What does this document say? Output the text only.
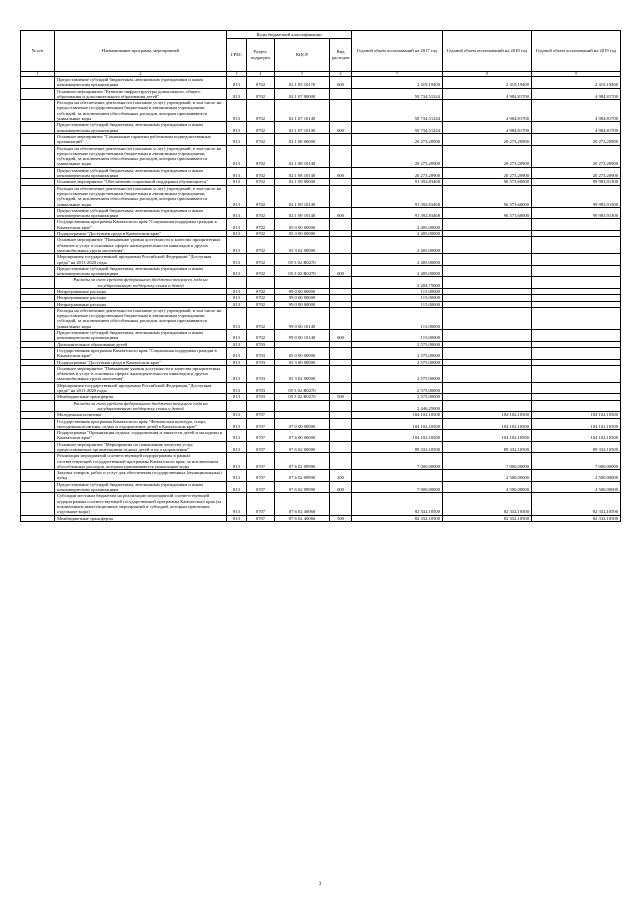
№ п/п	Наименование программ, мероприятий	Коды бюджетной классификации				Годовой объем ассигнований на 2017 год	Годовой объем ассигнований на 2018 год	Годовой объем ассигнований на 2019 год
		ГРБС	Раздел, подраздел	КЦСР	Вид расходов			
1	2	3	4	5	6	7	8	9
	Предоставление субсидий бюджетным, автономным учреждениям и иным некоммерческим организациям	813	0702	02 1 05 10170	600	2 419,19400	2 419,19400	2 419,19400
	Основное мероприятие "Развитие инфраструктуры дошкольного, общего образования и дополнительного образования детей"	813	0702	02 1 07 00000		50 734,51244	4 984,81700	4 984,81700
	Расходы на обеспечение деятельности (оказание услуг) учреждений, в том числе на предоставление государственным бюджетным и автономным учреждениям субсидий, за исключением обособленных расходов, которым присваиваются уникальные коды	813	0702	02 1 07 10140		50 734,51244	4 984,81700	4 984,81700
	Предоставление субсидий бюджетным, автономным учреждениям и иным некоммерческим организациям	813	0702	02 1 07 10140	600	50 734,51244	4 984,81700	4 984,81700
	Основное мероприятие "Социальные гарантии работникам подведомственных организаций"	813	0702	02 1 08 00000		20 273,20900	20 273,20900	20 273,20900
	Расходы на обеспечение деятельности (оказание услуг) учреждений, в том числе на предоставление государственным бюджетным и автономным учреждениям субсидий, за исключением обособленных расходов, которым присваиваются уникальные коды	813	0702	02 1 08 10140		20 273,20900	20 273,20900	20 273,20900
	Предоставление субсидий бюджетным, автономным учреждениям и иным некоммерческим организациям	813	0702	02 1 08 10140	600	20 273,20900	20 273,20900	20 273,20900
	Основное мероприятие "Обеспечение социальной поддержки обучающихся"	813	0702	02 1 09 00000		91 392,83468	96 573,60000	99 983,91300
	Расходы на обеспечение деятельности (оказание услуг) учреждений, в том числе на предоставление государственным бюджетным и автономным учреждениям субсидий, за исключением обособленных расходов, которым присваиваются уникальные коды	813	0702	02 1 09 10140		91 392,83468	96 573,60000	99 983,91300
	Предоставление субсидий бюджетным, автономным учреждениям и иным некоммерческим организациям	813	0702	02 1 09 10140	600	91 392,83468	96 573,60000	99 983,91300
	Государственная программа Камчатского края "Социальная поддержка граждан в Камчатском крае"	813	0702	05 0 00 00000		2 405,00000		
	Подпрограмма "Доступная среда в Камчатском крае"	813	0702	05 3 00 00000		2 405,00000		
	Основное мероприятие "Повышение уровня доступности и качества приоритетных объектов и услуг в основных сферах жизнедеятельности инвалидов и других маломобильных групп населения"	813	0702	05 3 02 00000		2 405,00000		
	Мероприятия государственной программы Российской Федерации "Доступная среда" на 2011-2020 годы	813	0702	05 3 02 R0270		2 405,00000		
	Предоставление субсидий бюджетным, автономным учреждениям и иным некоммерческим организациям	813	0702	05 3 02 R0270	600	2 405,00000		
	Расходы за счет средств федерального бюджета текущего года на государственную поддержку семьи и детей					2 284,75000		
	Непрограммные расходы	813	0702	99 0 00 00000		115,00000		
	Непрограммные расходы	813	0702	99 0 00 00000		115,00000		
	Непрограммные расходы	813	0702	99 0 00 00000		115,00000		
	Расходы на обеспечение деятельности (оказание услуг) учреждений, в том числе на предоставление государственным бюджетным и автономным учреждениям субсидий, за исключением обособленных расходов, которым присваиваются уникальные коды	813	0702	99 0 00 10140		115,00000		
	Предоставление субсидий бюджетным, автономным учреждениям и иным некоммерческим организациям	813	0702	99 0 00 10140	600	115,00000		
	Дополнительное образование детей	813	0703			2 575,00000		
	Государственная программа Камчатского края "Социальная поддержка граждан в Камчатском крае"	813	0703	05 0 00 00000		2 575,00000		
	Подпрограмма "Доступная среда в Камчатском крае"	813	0703	05 3 00 00000		2 575,00000		
	Основное мероприятие "Повышение уровня доступности и качества приоритетных объектов и услуг в основных сферах жизнедеятельности инвалидов и других маломобильных групп населения"	813	0703	05 3 02 00000		2 575,00000		
	Мероприятия государственной программы Российской Федерации "Доступная среда" на 2011-2020 годы	813	0703	05 3 02 R0270		2 575,00000		
	Межбюджетные трансферты	813	0703	05 3 02 R0270	500	2 575,00000		
	Расходы за счет средств федерального бюджета текущего года на государственную поддержку семьи и детей					2 446,25000		
	Молодежная политика	813	0707			104 102,10500	104 102,10500	104 102,10500
	Государственная программа Камчатского края "Физическая культура, спорт, молодежная политика, отдых и оздоровление детей в Камчатском крае"	813	0707	07 0 00 00000		104 102,10500	104 102,10500	104 102,10500
	Подпрограмма "Организация отдыха, оздоровления и занятости детей и молодежи в Камчатском крае"	813	0707	07 6 00 00000		104 102,10500	104 102,10500	104 102,10500
	Основное мероприятие "Мероприятия по повышению качества услуг, предоставляемых организациями отдыха детей и их оздоровления"	813	0707	07 6 02 00000		89 332,10500	89 332,10500	89 332,10500
	Реализация мероприятий соответствующей подпрограммы в рамках соответствующей государственной программы Камчатского края, за исключением обособленных расходов, которым присваиваются уникальные коды	813	0707	07 6 02 09990		7 000,00000	7 000,00000	7 000,00000
	Закупка товаров, работ и услуг для обеспечения государственных (муниципальных) нужд	813	0707	07 6 02 09990	200		2 500,00000	2 500,00000
	Предоставление субсидий бюджетным, автономным учреждениям и иным некоммерческим организациям	813	0707	07 6 02 09990	600	7 000,00000	4 500,00000	4 500,00000
	Субсидии местным бюджетам на реализацию мероприятий соответствующей подпрограммы соответствующей государственной программы Камчатского края (за исключением инвестиционных мероприятий и субсидий, которым присвоены отдельные коды)	813	0707	07 6 02 40060		82 332,10500	82 332,10500	82 332,10500
	Межбюджетные трансферты	813	0707	07 6 02 40060	500	82 332,10500	82 332,10500	82 332,10500
3
